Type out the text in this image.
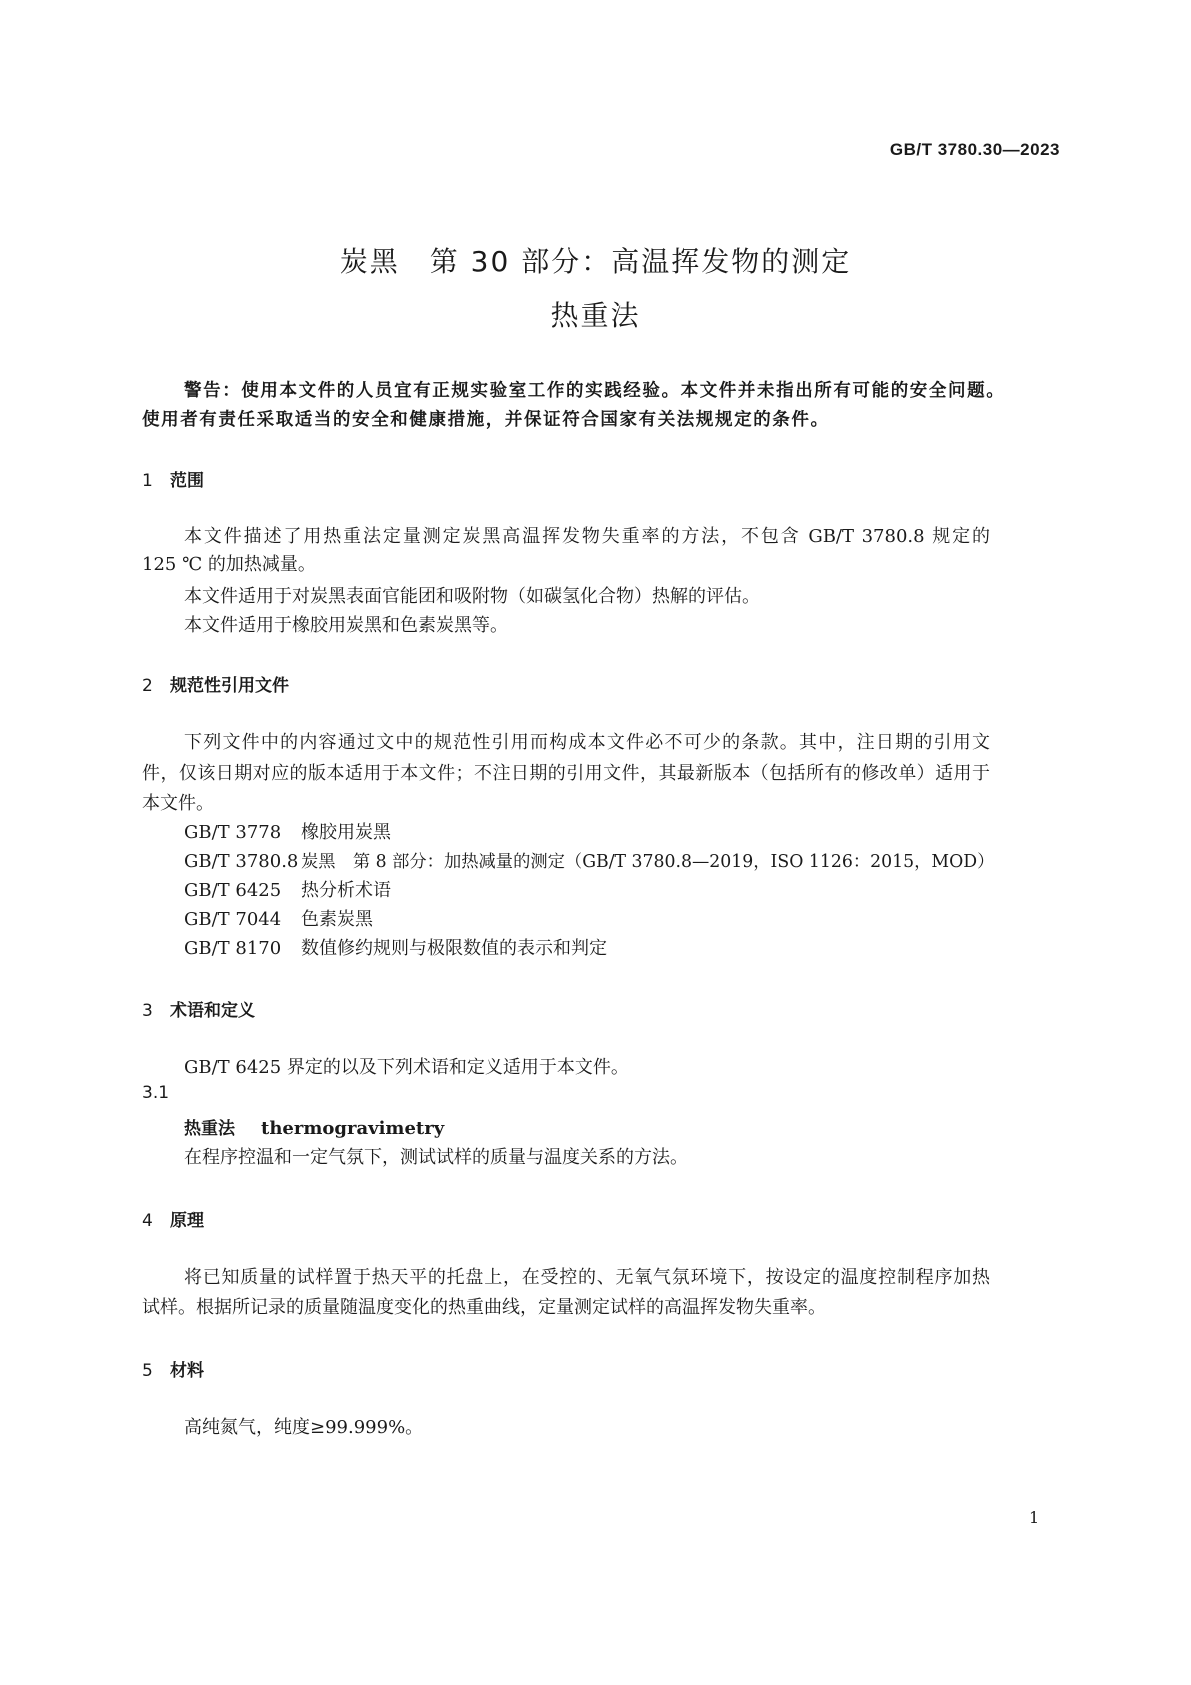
GB/T 3780.30—2023
炭黑 第 30 部分：高温挥发物的测定
热重法
警告：使用本文件的人员宜有正规实验室工作的实践经验。本文件并未指出所有可能的安全问题。
使用者有责任采取适当的安全和健康措施，并保证符合国家有关法规规定的条件。
1 范围
本文件描述了用热重法定量测定炭黑高温挥发物失重率的方法，不包含 GB/T 3780.8 规定的
125 ℃ 的加热减量。
本文件适用于对炭黑表面官能团和吸附物（如碳氢化合物）热解的评估。
本文件适用于橡胶用炭黑和色素炭黑等。
2 规范性引用文件
下列文件中的内容通过文中的规范性引用而构成本文件必不可少的条款。其中，注日期的引用文
件，仅该日期对应的版本适用于本文件；不注日期的引用文件，其最新版本（包括所有的修改单）适用于
本文件。
GB/T 3778 橡胶用炭黑
GB/T 3780.8 炭黑　第 8 部分：加热减量的测定（GB/T 3780.8—2019，ISO 1126：2015，MOD）
GB/T 6425 热分析术语
GB/T 7044 色素炭黑
GB/T 8170 数值修约规则与极限数值的表示和判定
3 术语和定义
GB/T 6425 界定的以及下列术语和定义适用于本文件。
3.1
热重法 thermogravimetry
在程序控温和一定气氛下，测试试样的质量与温度关系的方法。
4 原理
将已知质量的试样置于热天平的托盘上，在受控的、无氧气氛环境下，按设定的温度控制程序加热
试样。根据所记录的质量随温度变化的热重曲线，定量测定试样的高温挥发物失重率。
5 材料
高纯氮气，纯度≥99.999%。
1
